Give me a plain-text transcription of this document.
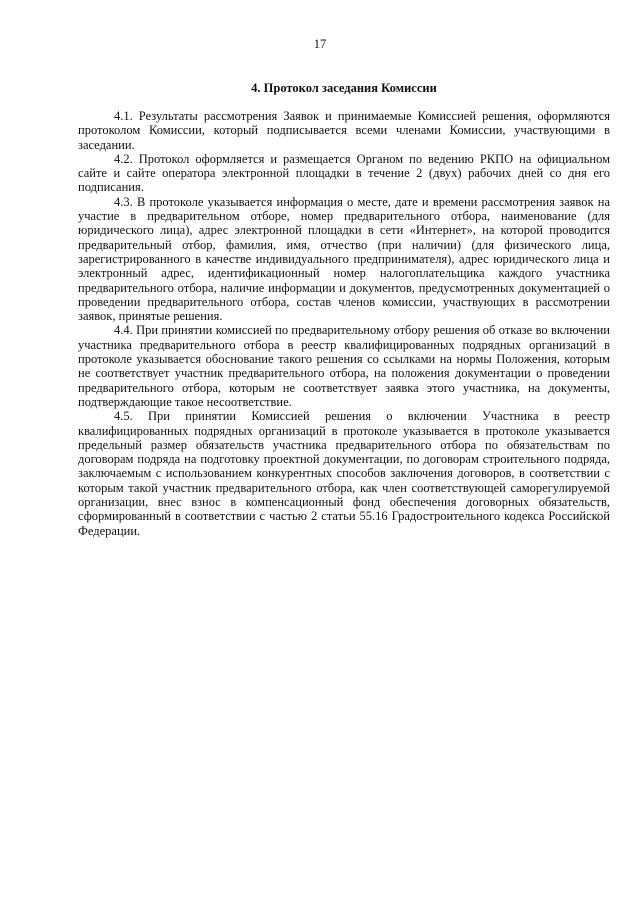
17
4. Протокол заседания Комиссии

4.1. Результаты рассмотрения Заявок и принимаемые Комиссией решения, оформляются протоколом Комиссии, который подписывается всеми членами Комиссии, участвующими в заседании.

4.2. Протокол оформляется и размещается Органом по ведению РКПО на официальном сайте и сайте оператора электронной площадки в течение 2 (двух) рабочих дней со дня его подписания.

4.3. В протоколе указывается информация о месте, дате и времени рассмотрения заявок на участие в предварительном отборе, номер предварительного отбора, наименование (для юридического лица), адрес электронной площадки в сети «Интернет», на которой проводится предварительный отбор, фамилия, имя, отчество (при наличии) (для физического лица, зарегистрированного в качестве индивидуального предпринимателя), адрес юридического лица и электронный адрес, идентификационный номер налогоплательщика каждого участника предварительного отбора, наличие информации и документов, предусмотренных документацией о проведении предварительного отбора, состав членов комиссии, участвующих в рассмотрении заявок, принятые решения.

4.4. При принятии комиссией по предварительному отбору решения об отказе во включении участника предварительного отбора в реестр квалифицированных подрядных организаций в протоколе указывается обоснование такого решения со ссылками на нормы Положения, которым не соответствует участник предварительного отбора, на положения документации о проведении предварительного отбора, которым не соответствует заявка этого участника, на документы, подтверждающие такое несоответствие.

4.5. При принятии Комиссией решения о включении Участника в реестр квалифицированных подрядных организаций в протоколе указывается в протоколе указывается предельный размер обязательств участника предварительного отбора по обязательствам по договорам подряда на подготовку проектной документации, по договорам строительного подряда, заключаемым с использованием конкурентных способов заключения договоров, в соответствии с которым такой участник предварительного отбора, как член соответствующей саморегулируемой организации, внес взнос в компенсационный фонд обеспечения договорных обязательств, сформированный в соответствии с частью 2 статьи 55.16 Градостроительного кодекса Российской Федерации.
